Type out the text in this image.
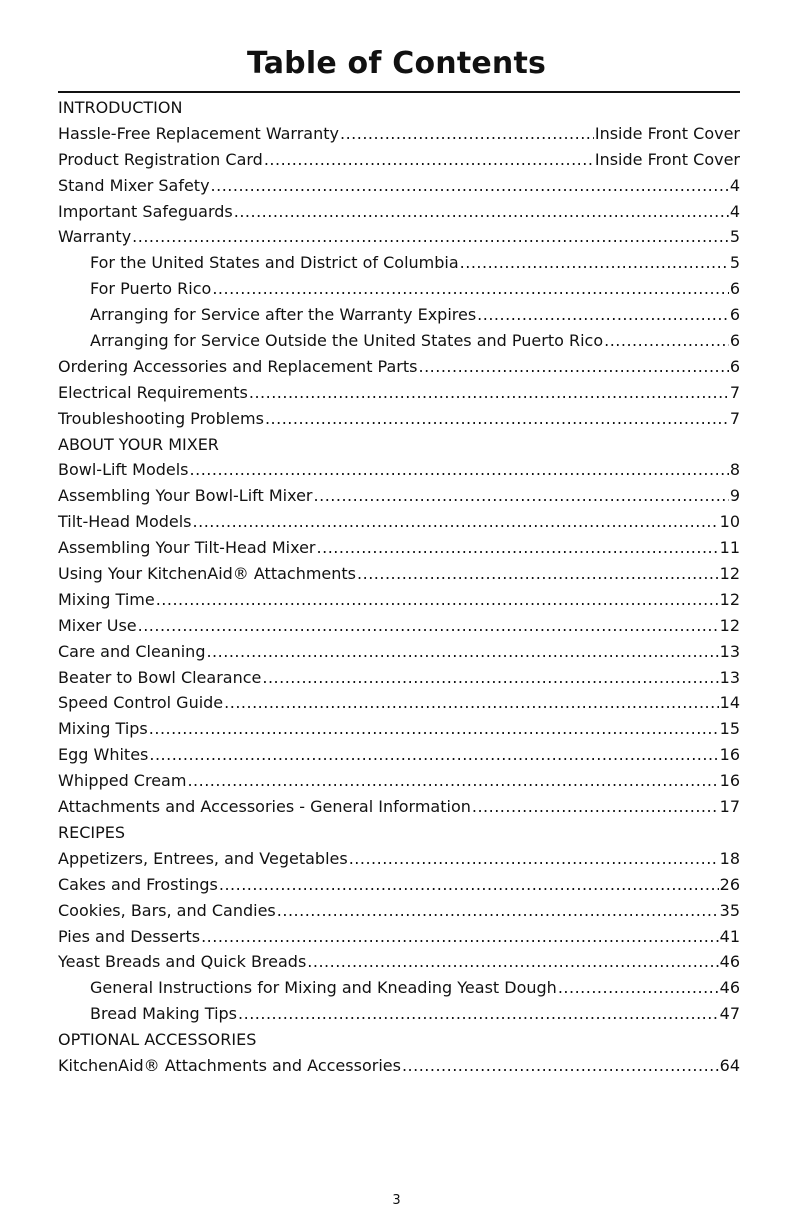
Table of Contents
INTRODUCTION
Hassle-Free Replacement Warranty .....	Inside Front Cover
Product Registration Card .....	Inside Front Cover
Stand Mixer Safety .....	4
Important Safeguards .....	4
Warranty .....	5
For the United States and District of Columbia .....	5
For Puerto Rico .....	6
Arranging for Service after the Warranty Expires .....	6
Arranging for Service Outside the United States and Puerto Rico .....	6
Ordering Accessories and Replacement Parts .....	6
Electrical Requirements .....	7
Troubleshooting Problems .....	7
ABOUT YOUR MIXER
Bowl-Lift Models .....	8
Assembling Your Bowl-Lift Mixer .....	9
Tilt-Head Models .....	10
Assembling Your Tilt-Head Mixer .....	11
Using Your KitchenAid® Attachments .....	12
Mixing Time .....	12
Mixer Use .....	12
Care and Cleaning .....	13
Beater to Bowl Clearance .....	13
Speed Control Guide .....	14
Mixing Tips .....	15
Egg Whites .....	16
Whipped Cream .....	16
Attachments and Accessories - General Information .....	17
RECIPES
Appetizers, Entrees, and Vegetables .....	18
Cakes and Frostings .....	26
Cookies, Bars, and Candies .....	35
Pies and Desserts .....	41
Yeast Breads and Quick Breads .....	46
General Instructions for Mixing and Kneading Yeast Dough .....	46
Bread Making Tips .....	47
OPTIONAL ACCESSORIES
KitchenAid® Attachments and Accessories .....	64
3
